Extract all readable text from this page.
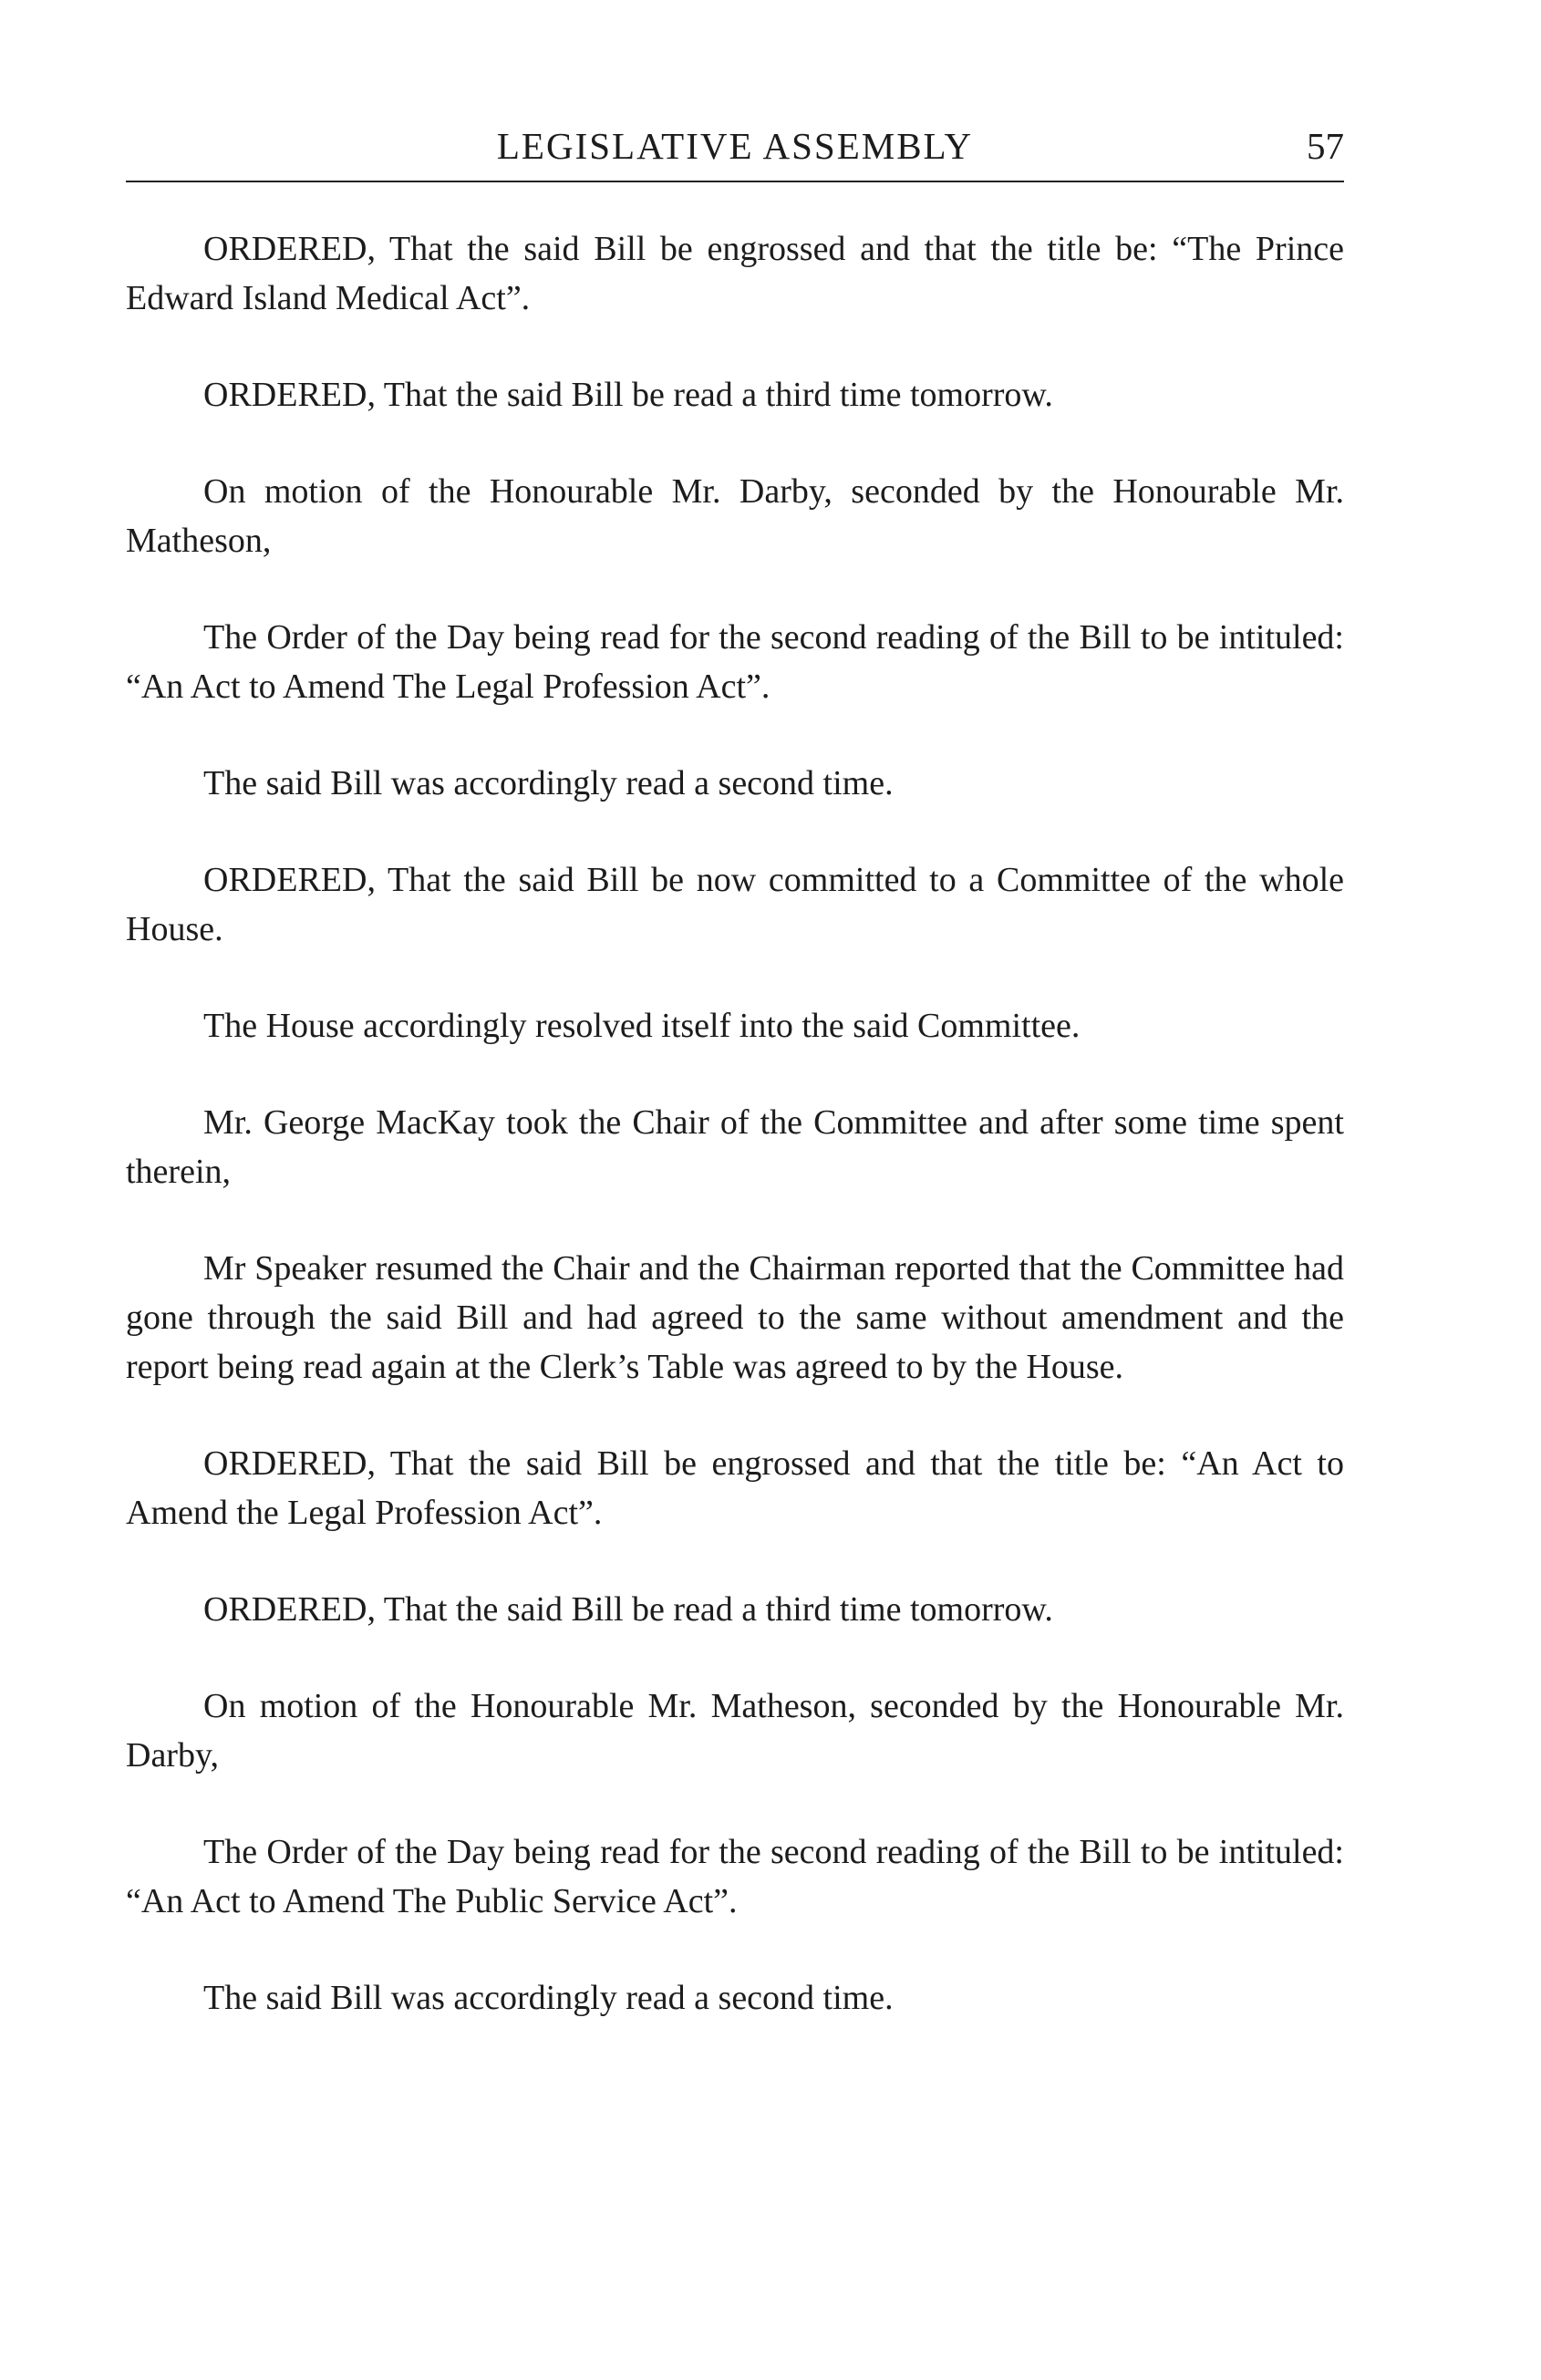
LEGISLATIVE ASSEMBLY	57

ORDERED, That the said Bill be engrossed and that the title be: “The Prince Edward Island Medical Act”.

ORDERED, That the said Bill be read a third time tomorrow.

On motion of the Honourable Mr. Darby, seconded by the Honourable Mr. Matheson,

The Order of the Day being read for the second reading of the Bill to be intituled: “An Act to Amend The Legal Profession Act”.

The said Bill was accordingly read a second time.

ORDERED, That the said Bill be now committed to a Committee of the whole House.

The House accordingly resolved itself into the said Committee.

Mr. George MacKay took the Chair of the Committee and after some time spent therein,

Mr Speaker resumed the Chair and the Chairman reported that the Committee had gone through the said Bill and had agreed to the same without amendment and the report being read again at the Clerk’s Table was agreed to by the House.

ORDERED, That the said Bill be engrossed and that the title be: “An Act to Amend the Legal Profession Act”.

ORDERED, That the said Bill be read a third time tomorrow.

On motion of the Honourable Mr. Matheson, seconded by the Honourable Mr. Darby,

The Order of the Day being read for the second reading of the Bill to be intituled: “An Act to Amend The Public Service Act”.

The said Bill was accordingly read a second time.
